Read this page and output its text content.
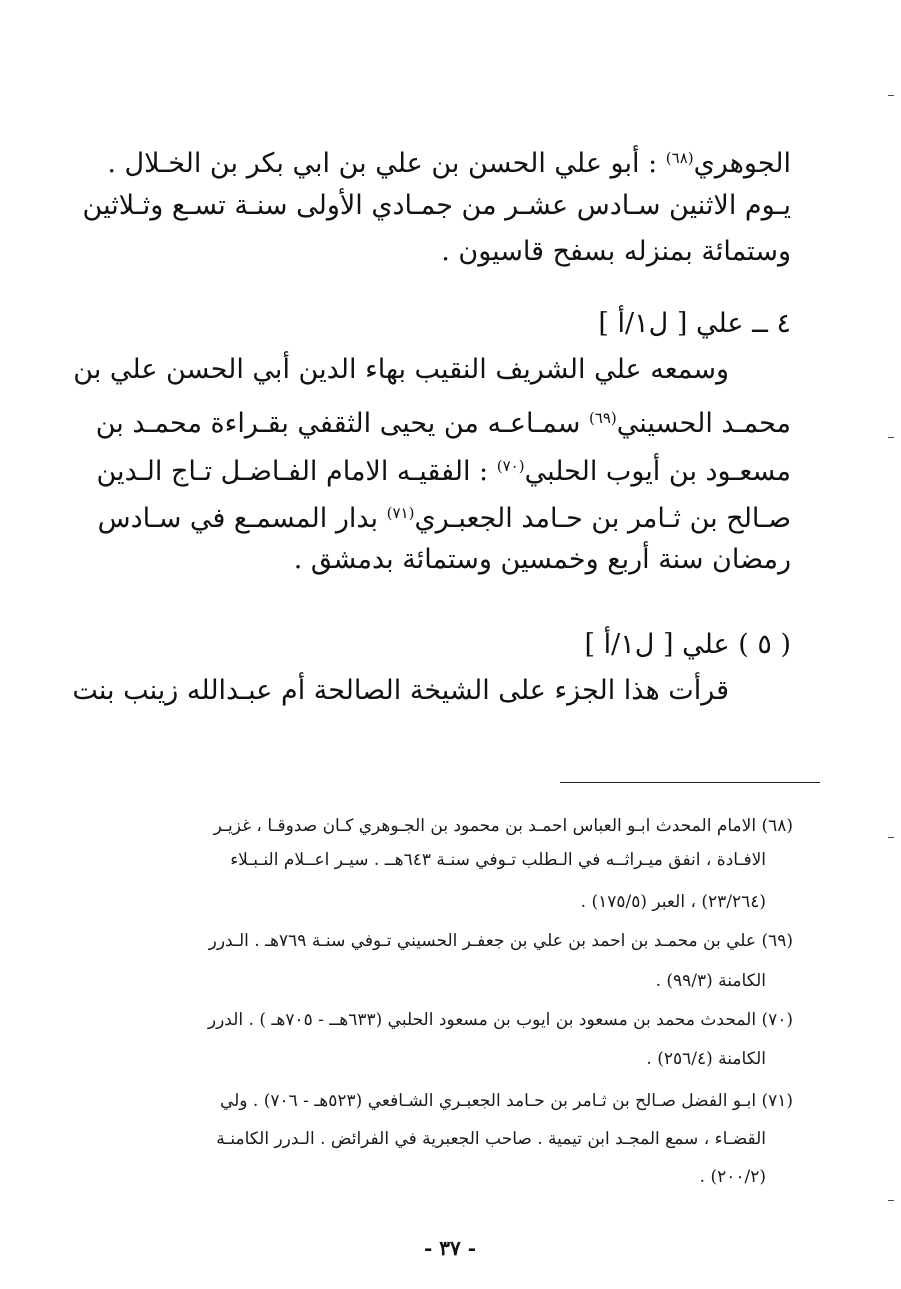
الجوهري$^{(٦٨)}$ : أبو علي الحسن بن علي بن ابي بكر بن الخـلال .
يـوم الاثنين سـادس عشـر من جمـادي الأولى سنـة تسـع وثـلاثين
وستمائة بمنزله بسفح قاسيون .
٤ ــ علي [ ل١/أ ]
وسمعه علي الشريف النقيب بهاء الدين أبي الحسن علي بن
محمـد الحسيني$^{(٦٩)}$ سمـاعـه من يحيى الثقفي بقـراءة محمـد بن
مسعـود بن أيوب الحلبي$^{(٧٠)}$ : الفقيـه الامام الفـاضـل تـاج الـدين
صـالح بن ثـامر بن حـامد الجعبـري$^{(٧١)}$ بدار المسمـع في سـادس
رمضان سنة أربع وخمسين وستمائة بدمشق .
( ٥ ) علي [ ل١/أ ]
قرأت هذا الجزء على الشيخة الصالحة أم عبـدالله زينب بنت
(٦٨) الامام المحدث ابـو العباس احمـد بن محمود بن الجـوهري كـان صدوقـا ، غزيـر
الافـادة ، انفق ميـراثــه في الـطلب تـوفي سنـة ٦٤٣هــ . سيـر اعــلام النـبـلاء
(٢٣/٢٦٤) ، العبر (١٧٥/٥) .
(٦٩) علي بن محمـد بن احمد بن علي بن جعفـر الحسيني تـوفي سنـة ٧٦٩هـ . الـدرر
الكامنة (٩٩/٣) .
(٧٠) المحدث محمد بن مسعود بن ايوب بن مسعود الحلبي (٦٣٣هــ - ٧٠٥هـ ) . الدرر
الكامنة (٢٥٦/٤) .
(٧١) ابـو الفضل صـالح بن ثـامر بن حـامد الجعبـري الشـافعي (٥٢٣هـ - ٧٠٦) . ولي
القضـاء ، سمع المجـد ابن تيمية . صاحب الجعبرية في الفرائض . الـدرر الكامنـة
(٢٠٠/٢) .
- ٣٧ -
